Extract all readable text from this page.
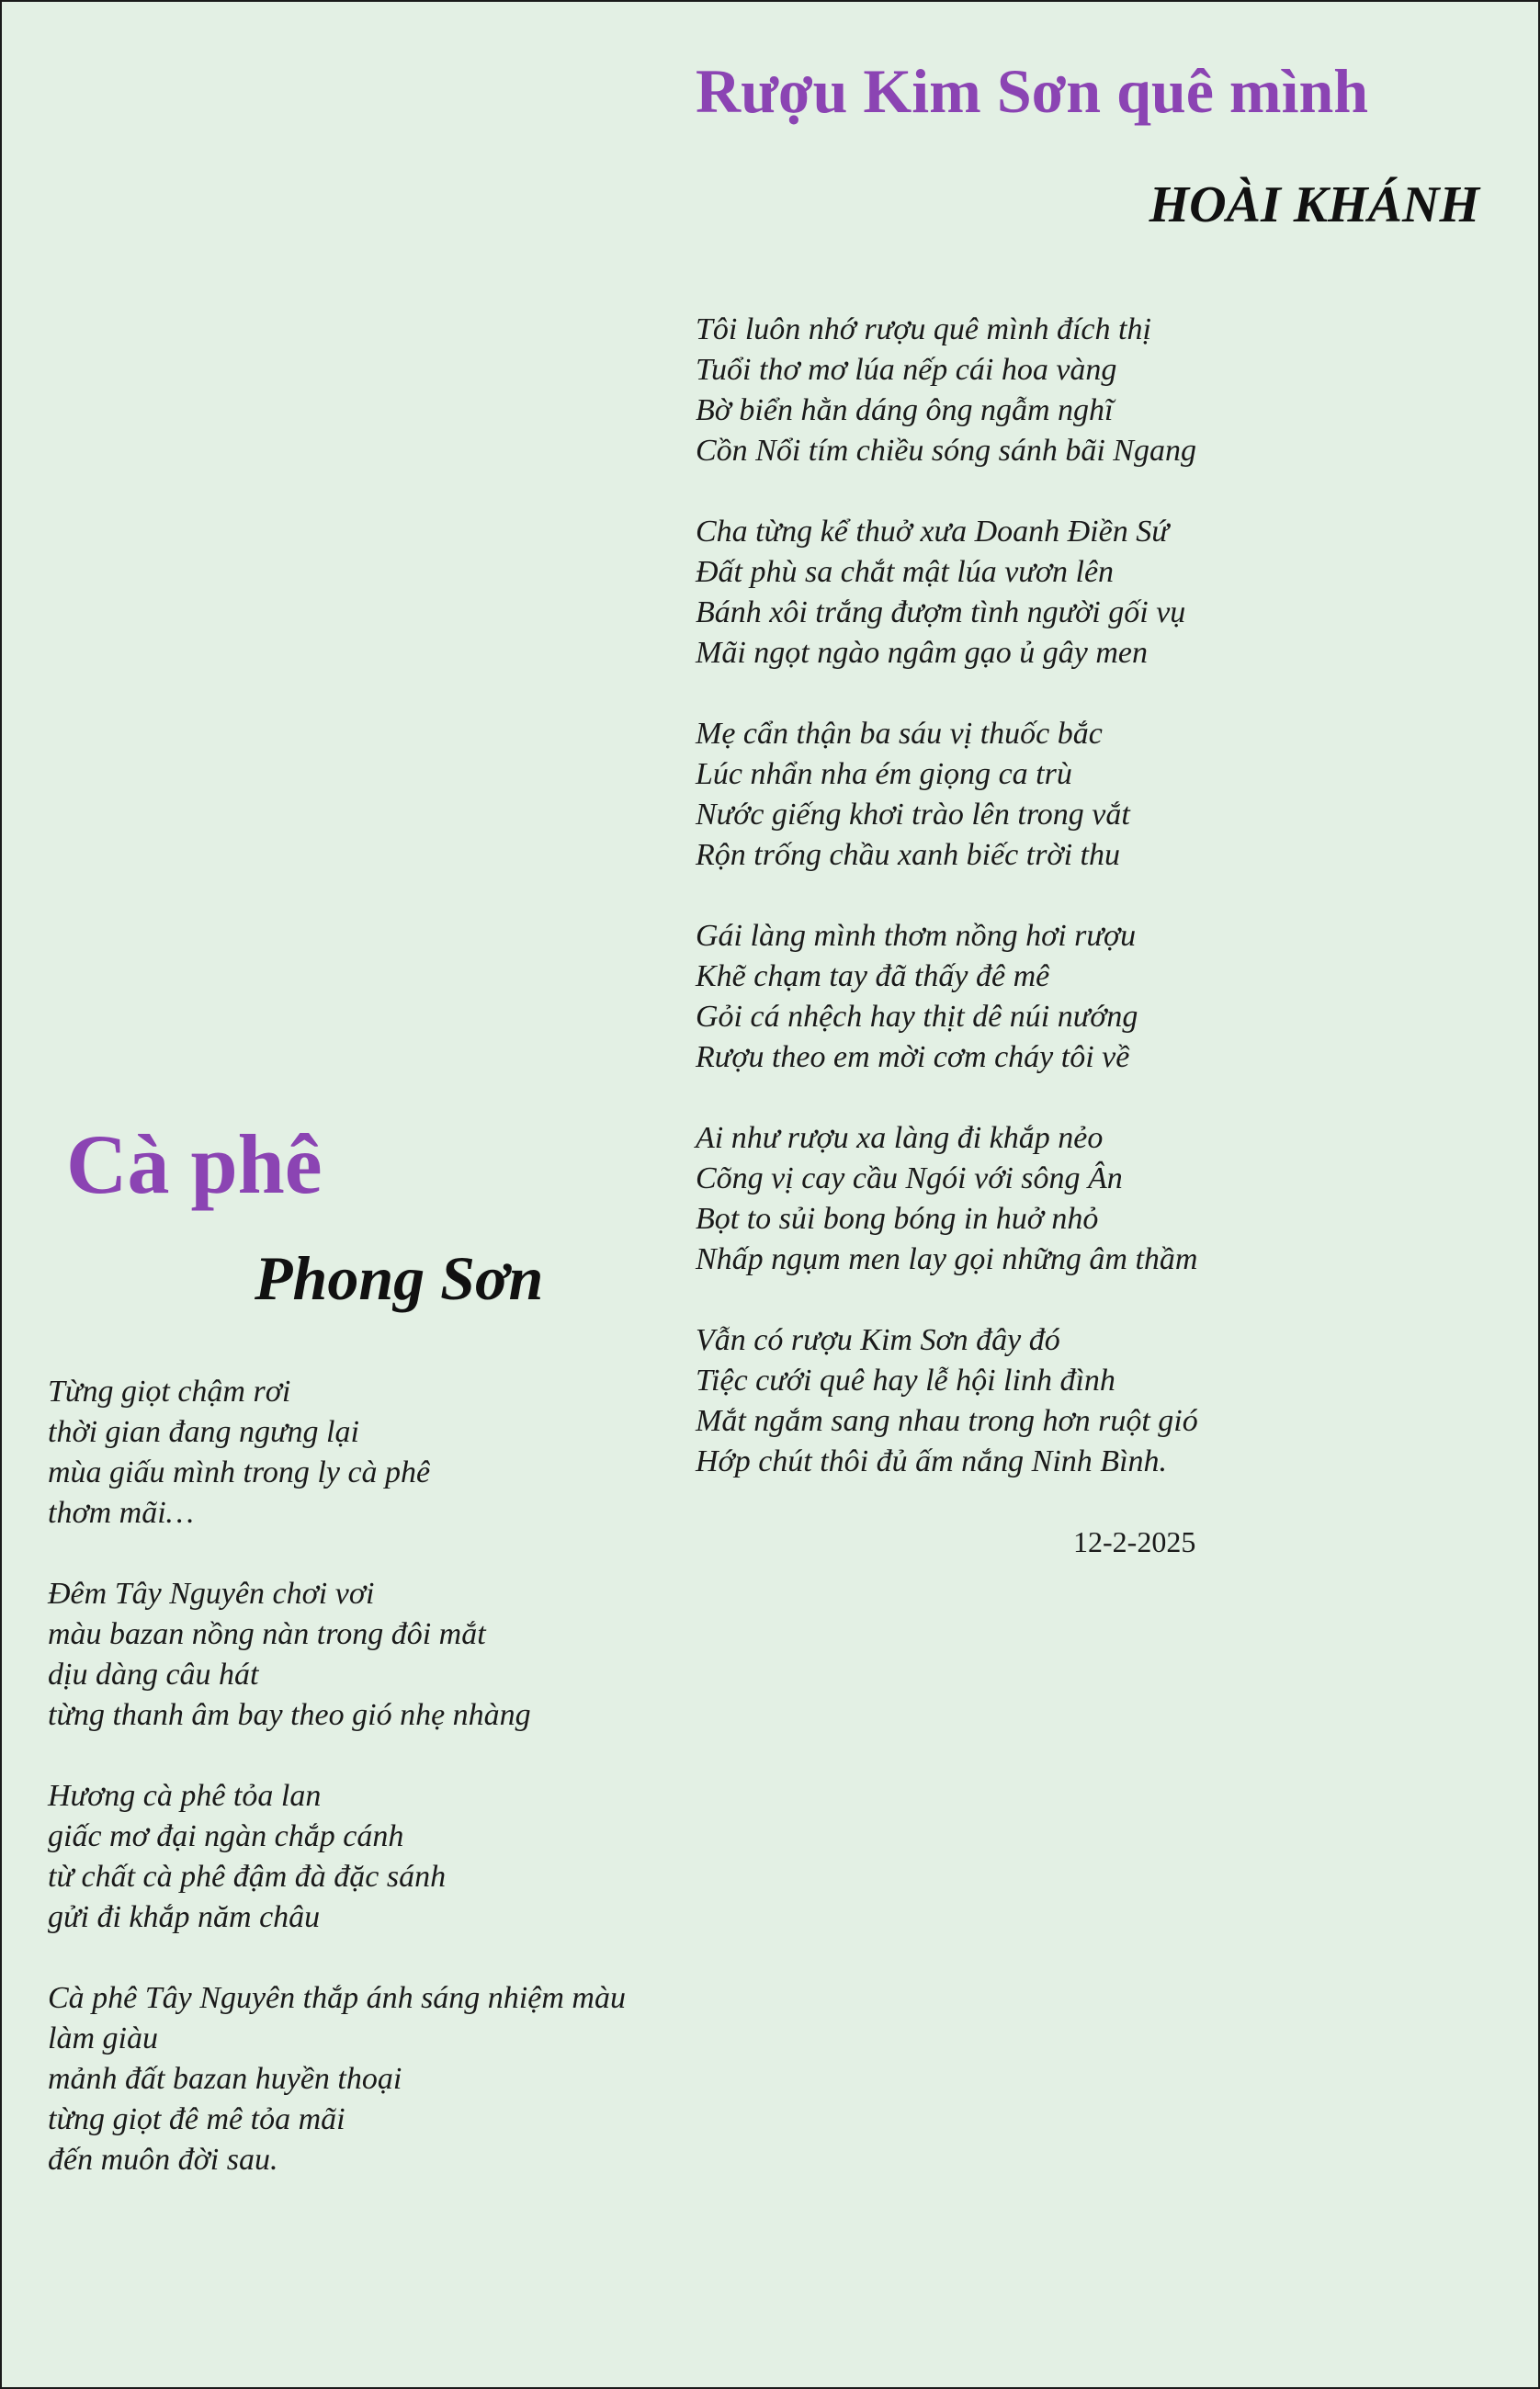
Rượu Kim Sơn quê mình
HOÀI KHÁNH
Tôi luôn nhớ rượu quê mình đích thị
Tuổi thơ mơ lúa nếp cái hoa vàng
Bờ biển hằn dáng ông ngẫm nghĩ
Cồn Nổi tím chiều sóng sánh bãi Ngang
Cha từng kể thuở xưa Doanh Điền Sứ
Đất phù sa chắt mật lúa vươn lên
Bánh xôi trắng đượm tình người gối vụ
Mãi ngọt ngào ngâm gạo ủ gây men
Mẹ cẩn thận ba sáu vị thuốc bắc
Lúc nhẩn nha ém giọng ca trù
Nước giếng khơi trào lên trong vắt
Rộn trống chầu xanh biếc trời thu
Gái làng mình thơm nồng hơi rượu
Khẽ chạm tay đã thấy đê mê
Gỏi cá nhệch hay thịt dê núi nướng
Rượu theo em mời cơm cháy tôi về
Ai như rượu xa làng đi khắp nẻo
Cõng vị cay cầu Ngói với sông Ân
Bọt to sủi bong bóng in huở nhỏ
Nhấp ngụm men lay gọi những âm thầm
Vẫn có rượu Kim Sơn đây đó
Tiệc cưới quê hay lễ hội linh đình
Mắt ngắm sang nhau trong hơn ruột gió
Hớp chút thôi đủ ấm nắng Ninh Bình.
12-2-2025
Cà phê
Phong Sơn
Từng giọt chậm rơi
thời gian đang ngưng lại
mùa giấu mình trong ly cà phê
thơm mãi…
Đêm Tây Nguyên chơi vơi
màu bazan nồng nàn trong đôi mắt
dịu dàng câu hát
từng thanh âm bay theo gió nhẹ nhàng
Hương cà phê tỏa lan
giấc mơ đại ngàn chắp cánh
từ chất cà phê đậm đà đặc sánh
gửi đi khắp năm châu
Cà phê Tây Nguyên thắp ánh sáng nhiệm màu
làm giàu
mảnh đất bazan huyền thoại
từng giọt đê mê tỏa mãi
đến muôn đời sau.
